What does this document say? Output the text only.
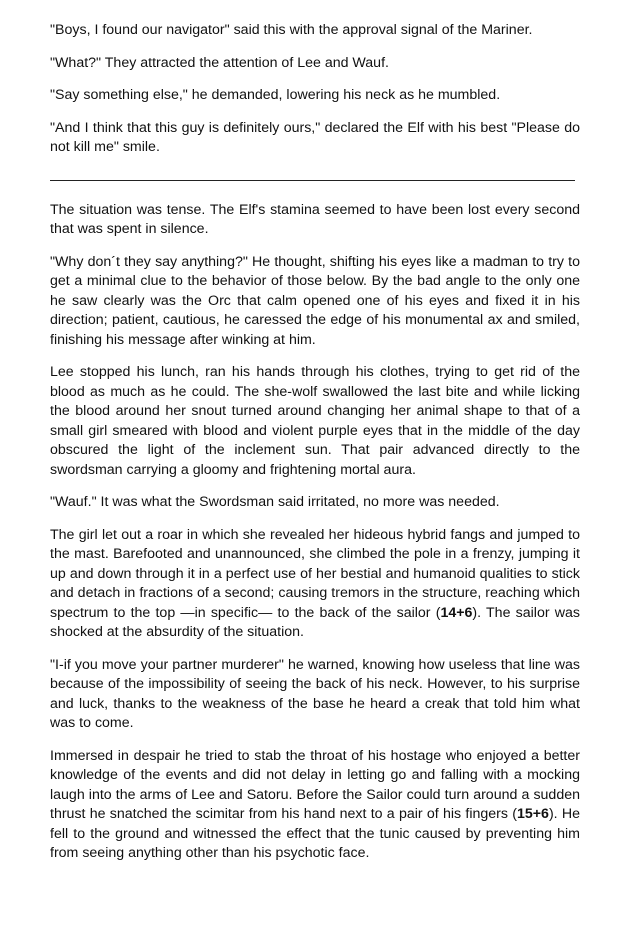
"Boys, I found our navigator" said this with the approval signal of the Mariner.

"What?" They attracted the attention of Lee and Wauf.

"Say something else," he demanded, lowering his neck as he mumbled.

"And I think that this guy is definitely ours," declared the Elf with his best "Please do not kill me" smile.

The situation was tense. The Elf's stamina seemed to have been lost every second that was spent in silence.

"Why don´t they say anything?" He thought, shifting his eyes like a madman to try to get a minimal clue to the behavior of those below. By the bad angle to the only one he saw clearly was the Orc that calm opened one of his eyes and fixed it in his direction; patient, cautious, he caressed the edge of his monumental ax and smiled, finishing his message after winking at him.

Lee stopped his lunch, ran his hands through his clothes, trying to get rid of the blood as much as he could. The she-wolf swallowed the last bite and while licking the blood around her snout turned around changing her animal shape to that of a small girl smeared with blood and violent purple eyes that in the middle of the day obscured the light of the inclement sun. That pair advanced directly to the swordsman carrying a gloomy and frightening mortal aura.

"Wauf." It was what the Swordsman said irritated, no more was needed.

The girl let out a roar in which she revealed her hideous hybrid fangs and jumped to the mast. Barefooted and unannounced, she climbed the pole in a frenzy, jumping it up and down through it in a perfect use of her bestial and humanoid qualities to stick and detach in fractions of a second; causing tremors in the structure, reaching which spectrum to the top —in specific— to the back of the sailor (14+6). The sailor was shocked at the absurdity of the situation.

"I-if you move your partner murderer" he warned, knowing how useless that line was because of the impossibility of seeing the back of his neck. However, to his surprise and luck, thanks to the weakness of the base he heard a creak that told him what was to come.

Immersed in despair he tried to stab the throat of his hostage who enjoyed a better knowledge of the events and did not delay in letting go and falling with a mocking laugh into the arms of Lee and Satoru. Before the Sailor could turn around a sudden thrust he snatched the scimitar from his hand next to a pair of his fingers (15+6). He fell to the ground and witnessed the effect that the tunic caused by preventing him from seeing anything other than his psychotic face.
